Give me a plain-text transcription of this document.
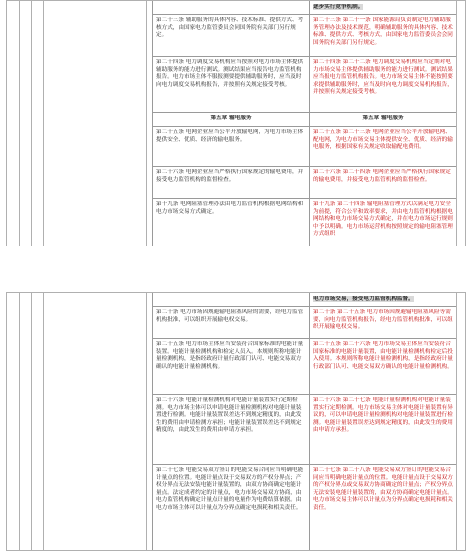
逐步实行竞争机制。
第二十三条 辅助服务的具体内容、技术标准、提供方式、考核方式，由国家电力监管委员会同国务院有关部门另行规定。
第二十三条 第二十一条 国家能源局负责制定电力辅助服务管理办法及技术规范，明确辅助服务的具体内容、技术标准、提供方式、考核方式，由国家电力监管委员会会同国务院有关部门另行规定。
第二十四条 电力调度交易机构应当按照对电力市场主体提供辅助服务的能力进行测试。测试结果应当报告电力监管机构报告。电力市场主体不服报测要提供辅助服务时，应当及时向电力调度交易机构报告，并按照有关规定接受考核。
第二十四条 第二十二条 电力调度交易机构应当定期对电力市场交易主体提供辅助服务的能力进行测试。测试结果应当报电力监管机构报告。电力市场交易主体不能按照要求提供辅助服务时，应当及时向电力调度交易机构报告，并按照有关规定接受考核。
第五章 输电服务	第五章 输电服务
第二十五条 电网企业应当公平开放输电网，为电力市场主体提供安全、优质、经济的输电服务。
第二十五条 第二十三条 电网企业应当公平开放输电网、配电网，为电力市场交易主体提供安全、优质、经济的输电服务，根据国家有关规定收取输配电费用。
第二十六条 电网企业应当严格执行国家规定的输电费用，并接受电力监管机构的监督检查。
第二十六条 第二十四条 电网企业应当严格执行国家规定的输电费用，并接受电力监管机构的监督检查。
第十九条 电网阻塞管理办法由电力监管机构根据电网结构和电力市场交易方式确定。
第十九条 第二十四条 输电阻塞管理方式以满足电力安全为前提，符合公平和效率要求，并由电力监管机构根据电网结构和电力市场交易方式确定，并在电力市场运行规则中予以明确。电力市场运营机构按照规定的输电阻塞管理方式组织
电力市场交易，接受电力监管机构监督。
第二十条 电力市场因规避输电阻塞风险的需要，经电力监管机构批准，可以组织开展输电权交易。
第二十条 第二十五条 电力市场因规避输电阻塞风险等需要，向电力监管机构报告，经电力监管机构批准，可以组织开展输电权交易。
第二十五条 电力市场主体应当安装符合国家标准的电能计量装置。电能计量检测机构和检定人员入。本规则所称电能计量检测机构，是指经政府计量行政部门认可、电能交易双方确认的电能计量检测机构。
第二十五条 第二十六条 电力市场交易主体应当安装符合国家标准的电能计量装置，由电能计量检测机构检定后投入使用。本规则所称电能计量检测机构，是指经政府计量行政部门认可、电能交易双方确认的电能计量检测机构。
第二十六条 电能计量检测机构对电能计量装置实行定期检测。电力市场主体可以申请电能计量检测机构对电能计量装置进行检测。电能计量装置误差达不到规定精度的，由此发生的费用由申请检测方承担；电能计量装置误差达不到规定精度的，由此发生的费用由申请方承担。
第二十六条 第二十七条 电能计量检测机构对电能计量装置实行定期检测。电力市场交易主体对电能计量装置有异议的，可以申请电能计量检测机构对电能计量装置进行检测。电能计量装置误差达到规定精度的，由此发生的费用由申请方承担。
第二十七条 电能交易双方签订的电能交易合同应当明确电能计量点的位置。电能计量点设于交易双方的产权分界点；产权分界点无法安装电能计量装置的，由双方协商确定电能计量点。法定成者约定的计量点，电力市场交易双方协商，由电力监管机构确定计量点计量的电量作为电费结算依据。由电力市场主体可以计量点为分界点确定电损耗和相关责任。
第二十七条 第二十八条 电能交易双方签订的电能交易合同应当明确电能计量点的位置。电能计量点设于交易双方的产权分界点或交易双方协商确定的计量点；产权分界点无法安装电能计量装置的，由双方协商确定电能计量点。电力市场交易主体可以计量点为分界点确定电损耗和相关责任。
